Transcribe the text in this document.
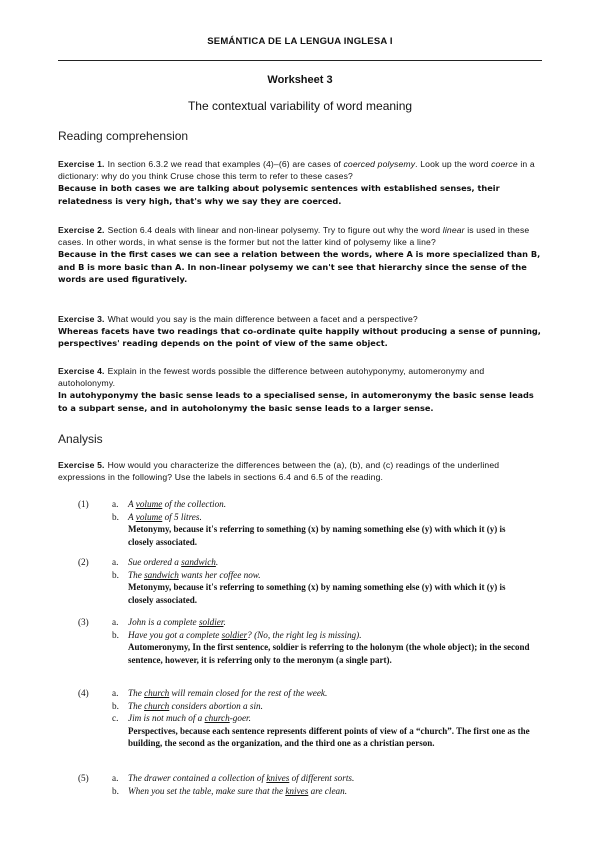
SEMÁNTICA DE LA LENGUA INGLESA I
Worksheet 3
The contextual variability of word meaning
Reading comprehension
Exercise 1. In section 6.3.2 we read that examples (4)–(6) are cases of coerced polysemy. Look up the word coerce in a dictionary: why do you think Cruse chose this term to refer to these cases?
Because in both cases we are talking about polysemic sentences with established senses, their relatedness is very high, that's why we say they are coerced.
Exercise 2. Section 6.4 deals with linear and non-linear polysemy. Try to figure out why the word linear is used in these cases. In other words, in what sense is the former but not the latter kind of polysemy like a line?
Because in the first cases we can see a relation between the words, where A is more specialized than B, and B is more basic than A. In non-linear polysemy we can't see that hierarchy since the sense of the words are used figuratively.
Exercise 3. What would you say is the main difference between a facet and a perspective?
Whereas facets have two readings that co-ordinate quite happily without producing a sense of punning, perspectives' reading depends on the point of view of the same object.
Exercise 4. Explain in the fewest words possible the difference between autohyponymy, automeronymy and autoholonymy.
In autohyponymy the basic sense leads to a specialised sense, in automeronymy the basic sense leads to a subpart sense, and in autoholonymy the basic sense leads to a larger sense.
Analysis
Exercise 5. How would you characterize the differences between the (a), (b), and (c) readings of the underlined expressions in the following? Use the labels in sections 6.4 and 6.5 of the reading.
(1)	a. A volume of the collection.
b. A volume of 5 litres.
Metonymy, because it's referring to something (x) by naming something else (y) with which it (y) is closely associated.
(2)	a. Sue ordered a sandwich.
b. The sandwich wants her coffee now.
Metonymy, because it's referring to something (x) by naming something else (y) with which it (y) is closely associated.
(3)	a. John is a complete soldier.
b. Have you got a complete soldier? (No, the right leg is missing).
Automeronymy, In the first sentence, soldier is referring to the holonym (the whole object); in the second sentence, however, it is referring only to the meronym (a single part).
(4)	a. The church will remain closed for the rest of the week.
b. The church considers abortion a sin.
c. Jim is not much of a church-goer.
Perspectives, because each sentence represents different points of view of a “church”. The first one as the building, the second as the organization, and the third one as a christian person.
(5)	a. The drawer contained a collection of knives of different sorts.
b. When you set the table, make sure that the knives are clean.
